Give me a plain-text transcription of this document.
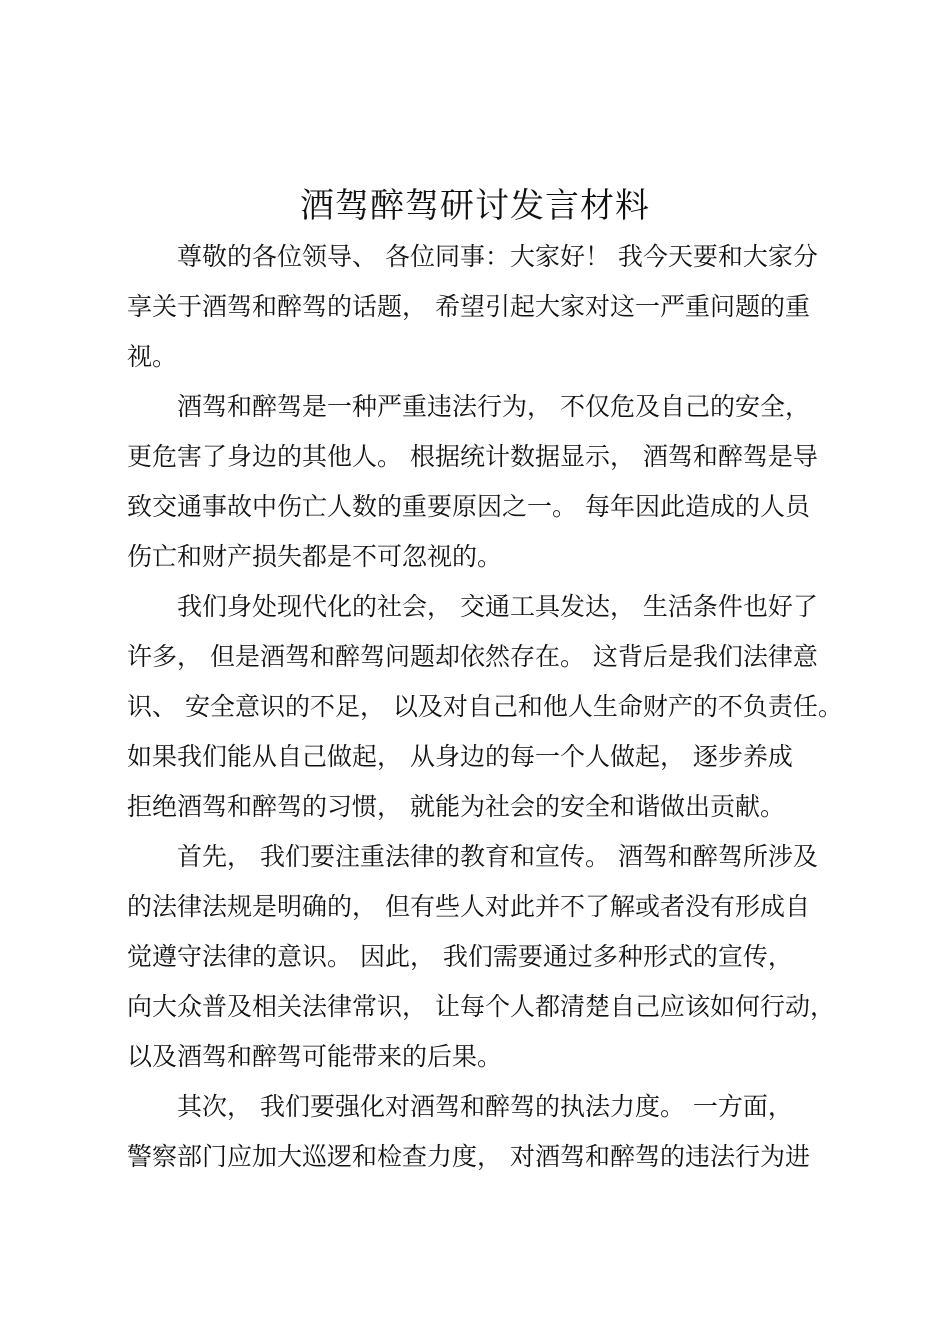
酒驾醉驾研讨发言材料
尊敬的各位领导、 各位同事：大家好！ 我今天要和大家分
享关于酒驾和醉驾的话题， 希望引起大家对这一严重问题的重
视。
酒驾和醉驾是一种严重违法行为， 不仅危及自己的安全，
更危害了身边的其他人。 根据统计数据显示， 酒驾和醉驾是导
致交通事故中伤亡人数的重要原因之一。 每年因此造成的人员
伤亡和财产损失都是不可忽视的。
我们身处现代化的社会， 交通工具发达， 生活条件也好了
许多， 但是酒驾和醉驾问题却依然存在。 这背后是我们法律意
识、 安全意识的不足， 以及对自己和他人生命财产的不负责任。
如果我们能从自己做起， 从身边的每一个人做起， 逐步养成
拒绝酒驾和醉驾的习惯， 就能为社会的安全和谐做出贡献。
首先， 我们要注重法律的教育和宣传。 酒驾和醉驾所涉及
的法律法规是明确的， 但有些人对此并不了解或者没有形成自
觉遵守法律的意识。 因此， 我们需要通过多种形式的宣传，
向大众普及相关法律常识， 让每个人都清楚自己应该如何行动，
以及酒驾和醉驾可能带来的后果。
其次， 我们要强化对酒驾和醉驾的执法力度。 一方面，
警察部门应加大巡逻和检查力度， 对酒驾和醉驾的违法行为进
